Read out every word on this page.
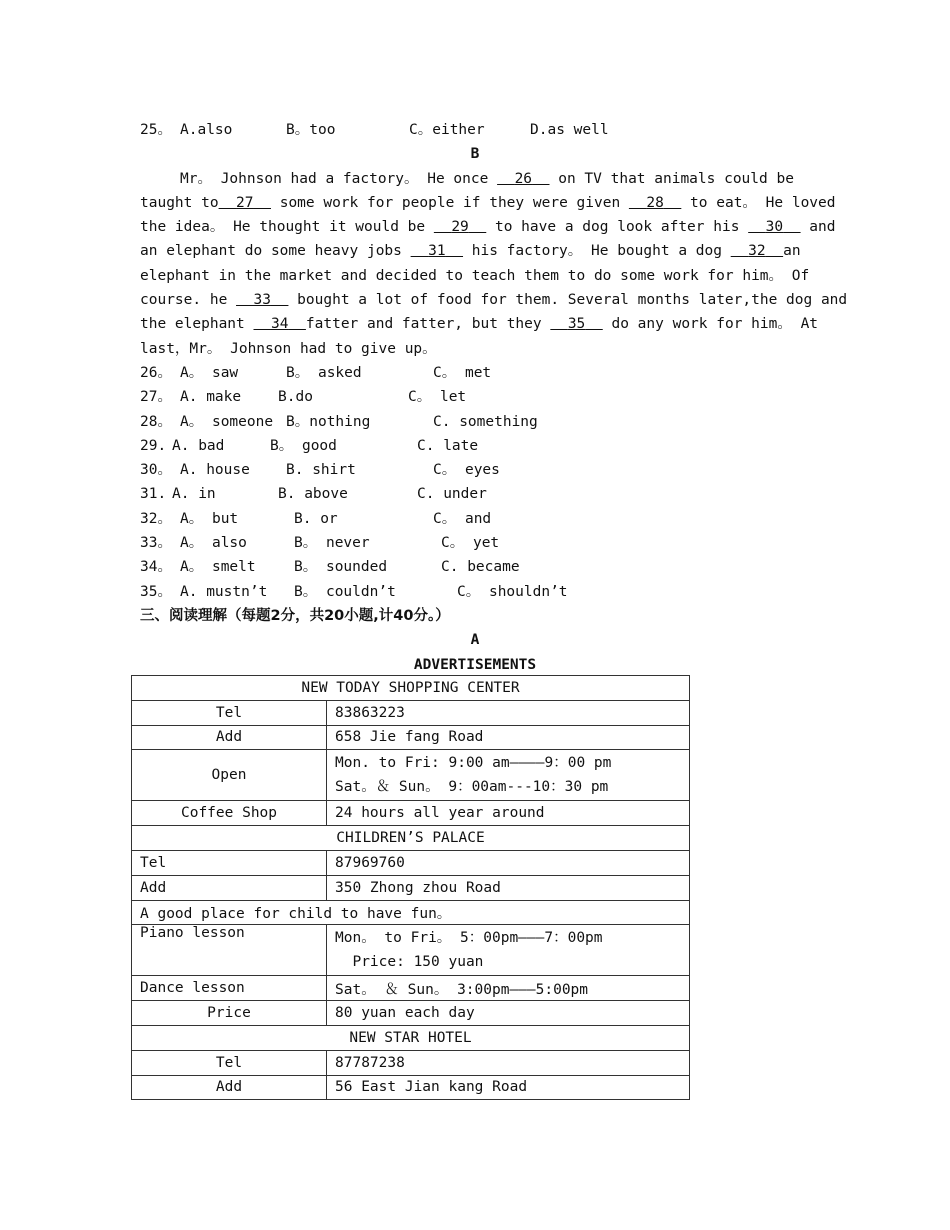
25。 A.also	B。too	C。either	D.as well
B
Mr。 Johnson had a factory。 He once   26   on TV that animals could be
taught to 27   some work for people if they were given   28   to eat。 He loved
the idea。 He thought it would be   29   to have a dog look after his   30   and
an elephant do some heavy jobs   31   his factory。 He bought a dog   32 an
elephant in the market and decided to teach them to do some work for him。 Of
course. he   33   bought a lot of food for them. Several months later,the dog and
the elephant   34 fatter and fatter, but they   35   do any work for him。 At
last，Mr。 Johnson had to give up。
26。 A。 saw	B。 asked	C。 met
27。 A. make	B.do	C。 let
28。 A。 someone B。nothing	C. something
29. A. bad	B。 good	C. late
30。 A. house	B. shirt	C。 eyes
31. A. in	B. above	C. under
32。 A。 but	B. or	C。 and
33。 A。 also	B。 never	C。 yet
34。 A。 smelt	B。 sounded	C. became
35。 A. mustn’t	B。 couldn’t	C。 shouldn’t
三、阅读理解（每题2分，共20小题,计40分。）
A
ADVERTISEMENTS
NEW TODAY SHOPPING CENTER	
Tel	83863223
Add	658 Jie fang Road
Open	Mon. to Fri: 9:00 am————9：00 pm
Sat。＆ Sun。 9：00am---10：30 pm

Coffee Shop	24 hours all year around
CHILDREN’S PALACE	
Tel	87969760
Add	350 Zhong zhou Road
A good place for child to have fun。	
Piano lesson	Mon。 to Fri。 5：00pm———7：00pm
Price: 150 yuan

Dance lesson	Sat。 ＆ Sun。 3:00pm———5:00pm
Price	80 yuan each day
NEW STAR HOTEL	
Tel	87787238
Add	56 East Jian kang Road
